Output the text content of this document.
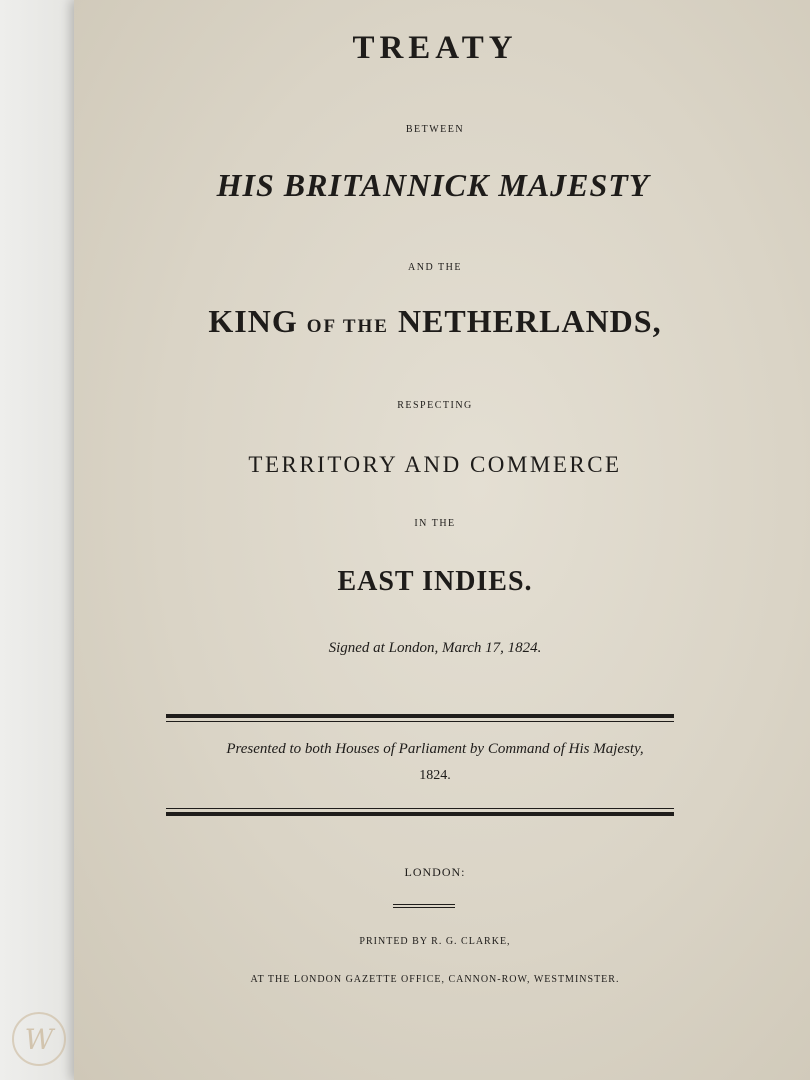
TREATY
BETWEEN
HIS BRITANNICK MAJESTY
AND THE
KING OF THE NETHERLANDS,
RESPECTING
TERRITORY AND COMMERCE
IN THE
EAST INDIES.
Signed at London, March 17, 1824.
Presented to both Houses of Parliament by Command of His Majesty,
1824.
LONDON:
PRINTED BY R. G. CLARKE,
AT THE LONDON GAZETTE OFFICE, CANNON-ROW, WESTMINSTER.
W
